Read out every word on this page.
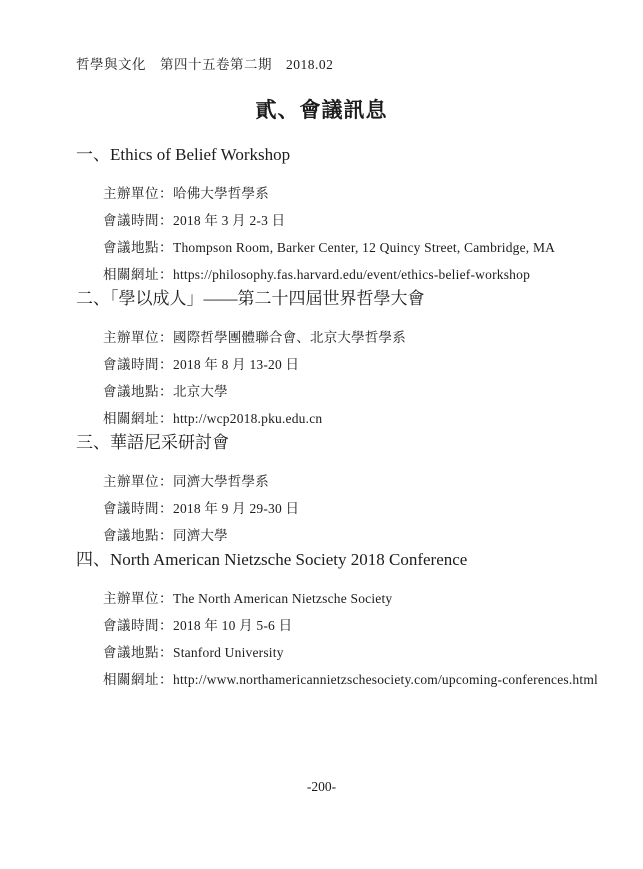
哲學與文化　第四十五卷第二期　2018.02
貳、會議訊息
一、Ethics of Belief Workshop
主辦單位：哈佛大學哲學系
會議時間：2018 年 3 月 2-3 日
會議地點：Thompson Room, Barker Center, 12 Quincy Street, Cambridge, MA
相關網址：https://philosophy.fas.harvard.edu/event/ethics-belief-workshop
二、「學以成人」——第二十四屆世界哲學大會
主辦單位：國際哲學團體聯合會、北京大學哲學系
會議時間：2018 年 8 月 13-20 日
會議地點：北京大學
相關網址：http://wcp2018.pku.edu.cn
三、華語尼采研討會
主辦單位：同濟大學哲學系
會議時間：2018 年 9 月 29-30 日
會議地點：同濟大學
四、North American Nietzsche Society 2018 Conference
主辦單位：The North American Nietzsche Society
會議時間：2018 年 10 月 5-6 日
會議地點：Stanford University
相關網址：http://www.northamericannietzschesociety.com/upcoming-conferences.html
-200-
